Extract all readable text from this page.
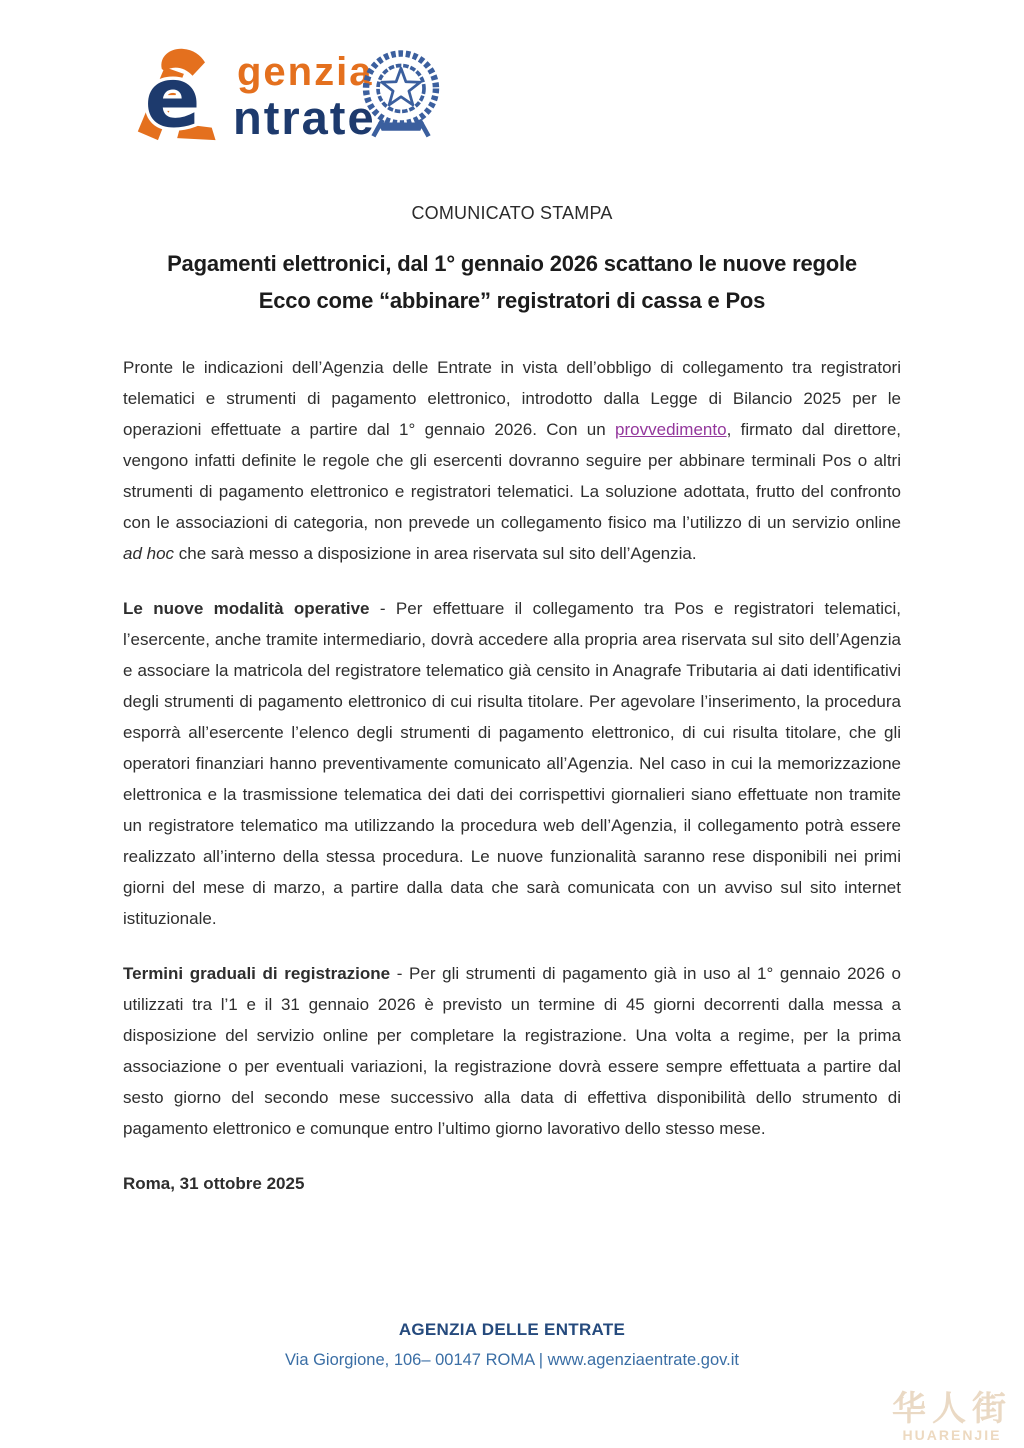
e genzia
ntrate
COMUNICATO STAMPA
Pagamenti elettronici, dal 1° gennaio 2026 scattano le nuove regole
Ecco come “abbinare” registratori di cassa e Pos

Pronte le indicazioni dell’Agenzia delle Entrate in vista dell’obbligo di collegamento tra registratori telematici e strumenti di pagamento elettronico, introdotto dalla Legge di Bilancio 2025 per le operazioni effettuate a partire dal 1° gennaio 2026. Con un provvedimento, firmato dal direttore, vengono infatti definite le regole che gli esercenti dovranno seguire per abbinare terminali Pos o altri strumenti di pagamento elettronico e registratori telematici. La soluzione adottata, frutto del confronto con le associazioni di categoria, non prevede un collegamento fisico ma l’utilizzo di un servizio online ad hoc che sarà messo a disposizione in area riservata sul sito dell’Agenzia.

Le nuove modalità operative - Per effettuare il collegamento tra Pos e registratori telematici, l’esercente, anche tramite intermediario, dovrà accedere alla propria area riservata sul sito dell’Agenzia e associare la matricola del registratore telematico già censito in Anagrafe Tributaria ai dati identificativi degli strumenti di pagamento elettronico di cui risulta titolare. Per agevolare l’inserimento, la procedura esporrà all’esercente l’elenco degli strumenti di pagamento elettronico, di cui risulta titolare, che gli operatori finanziari hanno preventivamente comunicato all’Agenzia. Nel caso in cui la memorizzazione elettronica e la trasmissione telematica dei dati dei corrispettivi giornalieri siano effettuate non tramite un registratore telematico ma utilizzando la procedura web dell’Agenzia, il collegamento potrà essere realizzato all’interno della stessa procedura. Le nuove funzionalità saranno rese disponibili nei primi giorni del mese di marzo, a partire dalla data che sarà comunicata con un avviso sul sito internet istituzionale.

Termini graduali di registrazione - Per gli strumenti di pagamento già in uso al 1° gennaio 2026 o utilizzati tra l’1 e il 31 gennaio 2026 è previsto un termine di 45 giorni decorrenti dalla messa a disposizione del servizio online per completare la registrazione. Una volta a regime, per la prima associazione o per eventuali variazioni, la registrazione dovrà essere sempre effettuata a partire dal sesto giorno del secondo mese successivo alla data di effettiva disponibilità dello strumento di pagamento elettronico e comunque entro l’ultimo giorno lavorativo dello stesso mese.

Roma, 31 ottobre 2025

AGENZIA DELLE ENTRATE
Via Giorgione, 106– 00147 ROMA | www.agenziaentrate.gov.it
华人街
HUARENJIE
